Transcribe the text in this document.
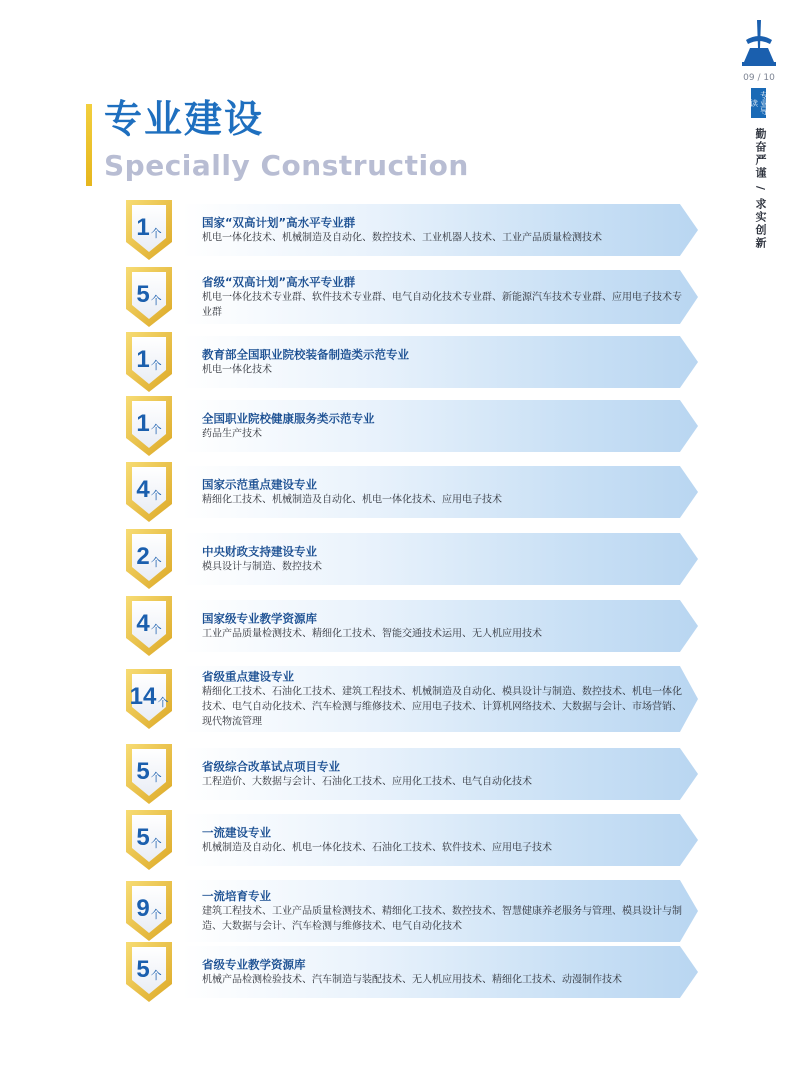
专业建设
Specially Construction
09 / 10
专业导读
勤奋严谨 / 求实创新
1 个
国家“双高计划”高水平专业群
机电一体化技术、机械制造及自动化、数控技术、工业机器人技术、工业产品质量检测技术
5 个
省级“双高计划”高水平专业群
机电一体化技术专业群、软件技术专业群、电气自动化技术专业群、新能源汽车技术专业群、应用电子技术专业群
1 个
教育部全国职业院校装备制造类示范专业
机电一体化技术
1 个
全国职业院校健康服务类示范专业
药品生产技术
4 个
国家示范重点建设专业
精细化工技术、机械制造及自动化、机电一体化技术、应用电子技术
2 个
中央财政支持建设专业
模具设计与制造、数控技术
4 个
国家级专业教学资源库
工业产品质量检测技术、精细化工技术、智能交通技术运用、无人机应用技术
14 个
省级重点建设专业
精细化工技术、石油化工技术、建筑工程技术、机械制造及自动化、模具设计与制造、数控技术、机电一体化技术、电气自动化技术、汽车检测与维修技术、应用电子技术、计算机网络技术、大数据与会计、市场营销、现代物流管理
5 个
省级综合改革试点项目专业
工程造价、大数据与会计、石油化工技术、应用化工技术、电气自动化技术
5 个
一流建设专业
机械制造及自动化、机电一体化技术、石油化工技术、软件技术、应用电子技术
9 个
一流培育专业
建筑工程技术、工业产品质量检测技术、精细化工技术、数控技术、智慧健康养老服务与管理、模具设计与制造、大数据与会计、汽车检测与维修技术、电气自动化技术
5 个
省级专业教学资源库
机械产品检测检验技术、汽车制造与装配技术、无人机应用技术、精细化工技术、动漫制作技术
